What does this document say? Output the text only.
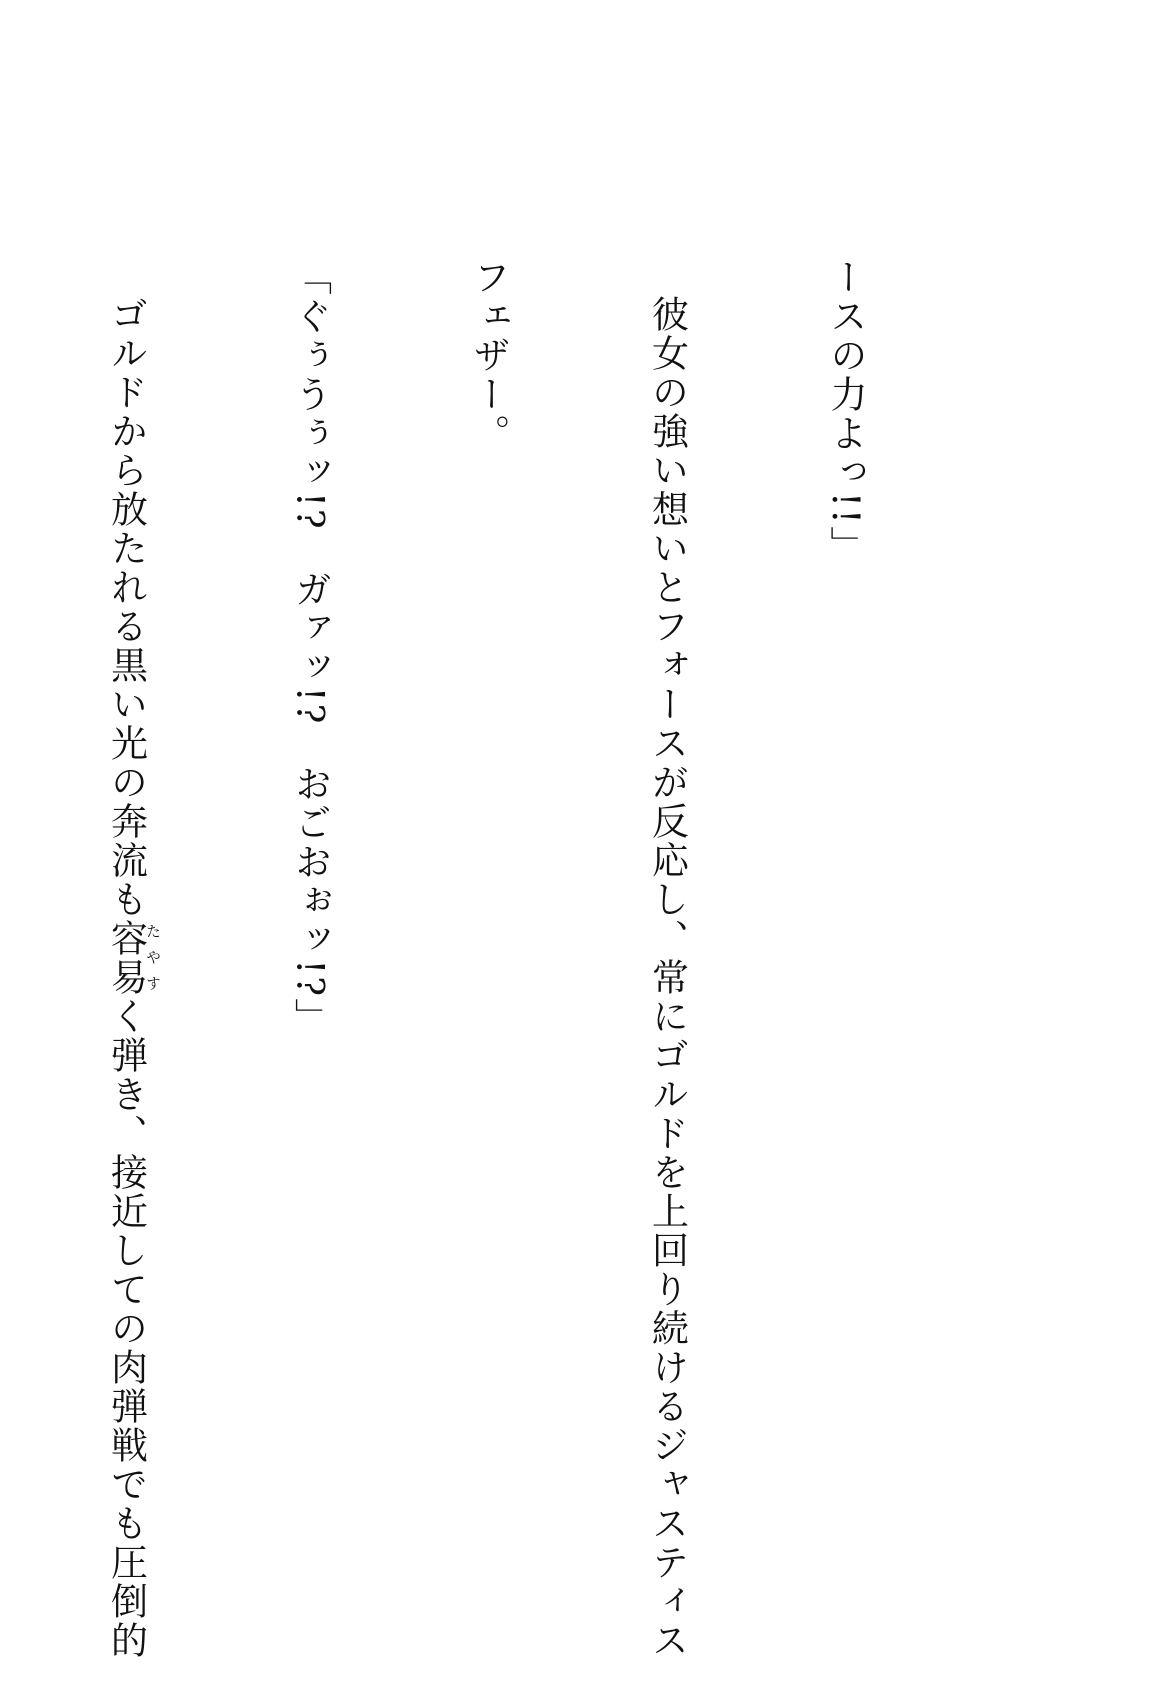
ースの力よっ!!」

彼女の強い想いとフォースが反応し、常にゴルドを上回り続けるジャスティス

フェザー。

「ぐぅうぅッ!?　ガァッ!?　おごおぉッ!?」

ゴルドから放たれる黒い光の奔流も容易たやすく弾き、接近しての肉弾戦でも圧倒的
